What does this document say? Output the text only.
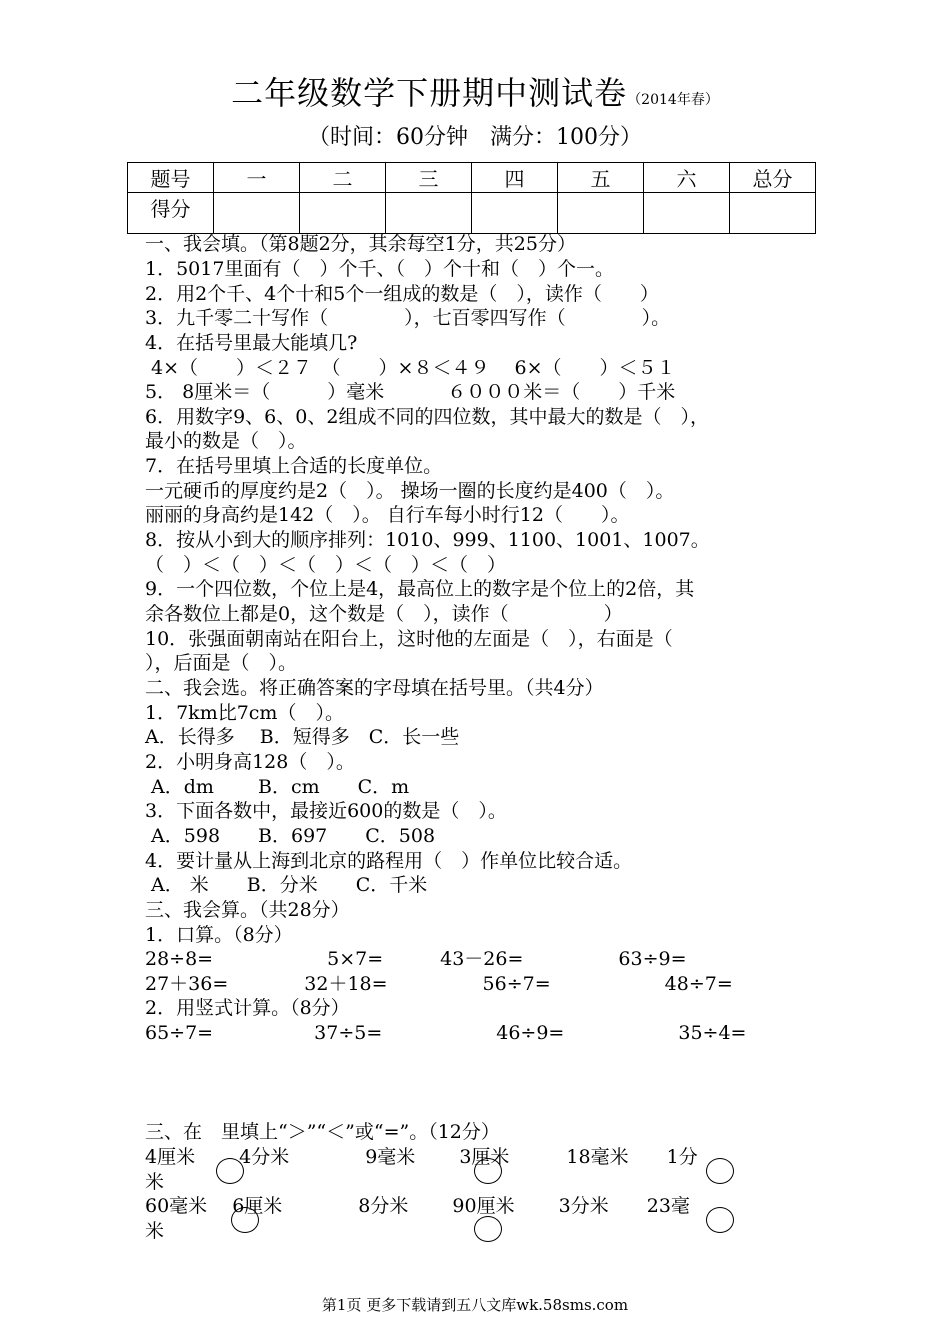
二年级数学下册期中测试卷（2014年春）
（时间：60分钟　满分：100分）
题号	一	二	三	四	五	六	总分
得分							
一、我会填。（第8题2分，其余每空1分，共25分）
1．5017里面有（　）个千、（　）个十和（　）个一。
2．用2个千、4个十和5个一组成的数是（　），读作（　　）
3．九千零二十写作（　　　　），七百零四写作（　　　　）。
4．在括号里最大能填几?
4×（　　）＜２７　（　　）×８＜４９　 6×（　　）＜５１
5． 8厘米＝（　　　）毫米　　　 ６０００米＝（　　）千米
6．用数字9、6、0、2组成不同的四位数，其中最大的数是（　），
最小的数是（　）。
7．在括号里填上合适的长度单位。
一元硬币的厚度约是2（　）。 操场一圈的长度约是400（　）。
丽丽的身高约是142（　）。 自行车每小时行12（　　）。
8．按从小到大的顺序排列：1010、999、1100、1001、1007。
（　）＜（　）＜（　）＜（　）＜（　）
9．一个四位数，个位上是4，最高位上的数字是个位上的2倍，其
余各数位上都是0，这个数是（　），读作（　　　　　）
10．张强面朝南站在阳台上，这时他的左面是（　），右面是（
），后面是（　）。
二、我会选。将正确答案的字母填在括号里。（共4分）
1．7km比7cm（　）。
A．长得多　 B．短得多　C．长一些
2．小明身高128（　）。
A．dm　　 B．cm　　C．m
3．下面各数中，最接近600的数是（　）。
A．598　　B．697　　C．508
4．要计量从上海到北京的路程用（　）作单位比较合适。
A． 米　　B．分米　　C．千米
三、我会算。（共28分）
1．口算。（8分）
28÷8=　　　　　　5×7=　　　43－26=　　　　　63÷9=
27＋36=　　　　32＋18=　　　　　56÷7=　　　　　　48÷7=
2．用竖式计算。（8分）
65÷7=　　　　　 37÷5=　　　　　　46÷9=　　　　　　35÷4=
三、在　里填上“＞”“＜”或“=”。（12分）
4厘米　　 4分米　　　　9毫米　　 3厘米　　　18毫米　　1分
米
60毫米　 6厘米　　　　8分米　　 90厘米　　 3分米　　23毫
米
第1页 更多下载请到五八文库wk.58sms.com
